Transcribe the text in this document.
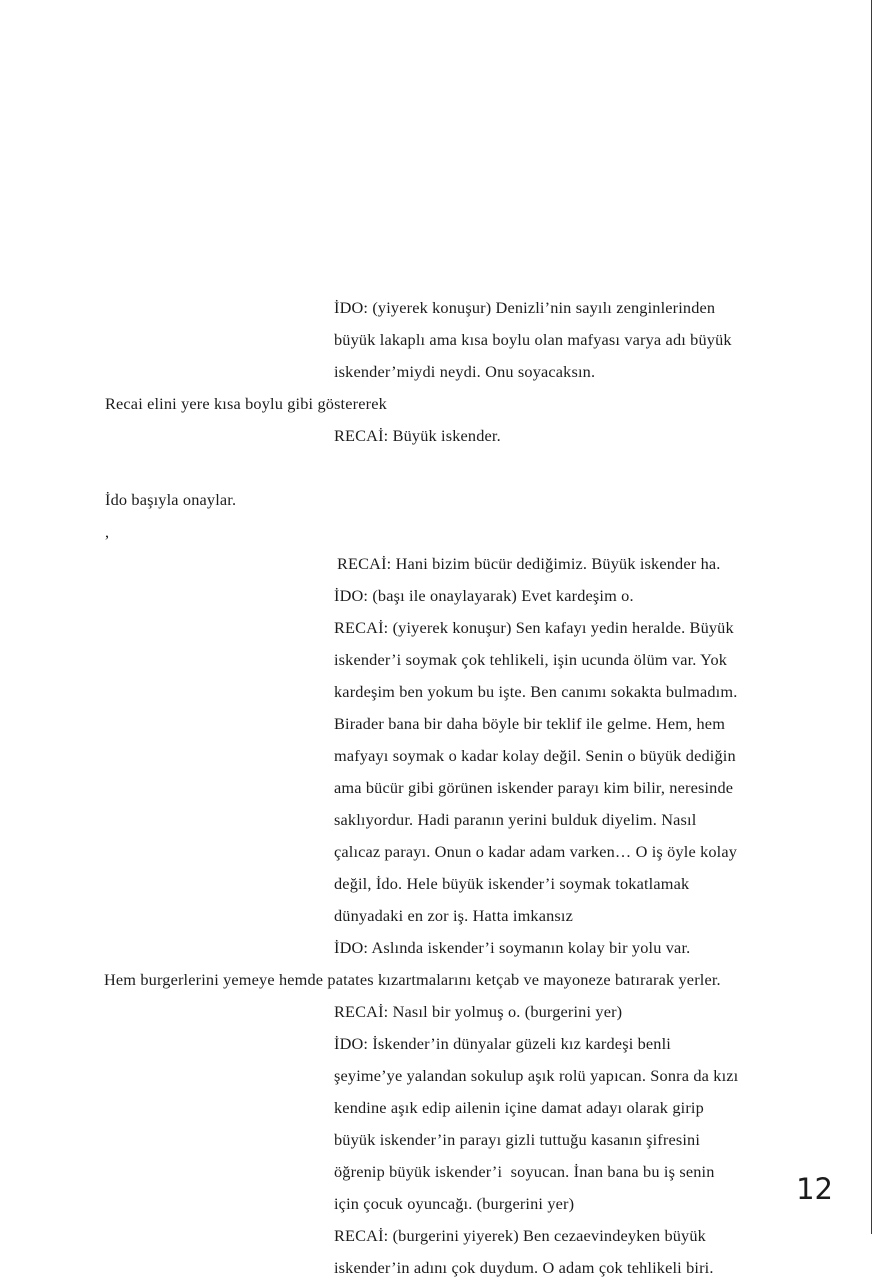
İDO: (yiyerek konuşur) Denizli’nin sayılı zenginlerinden
büyük lakaplı ama kısa boylu olan mafyası varya adı büyük
iskender’miydi neydi. Onu soyacaksın.
Recai elini yere kısa boylu gibi göstererek
RECAİ: Büyük iskender.
İdo başıyla onaylar.
,
RECAİ: Hani bizim bücür dediğimiz. Büyük iskender ha.
İDO: (başı ile onaylayarak) Evet kardeşim o.
RECAİ: (yiyerek konuşur) Sen kafayı yedin heralde. Büyük
iskender’i soymak çok tehlikeli, işin ucunda ölüm var. Yok
kardeşim ben yokum bu işte. Ben canımı sokakta bulmadım.
Birader bana bir daha böyle bir teklif ile gelme. Hem, hem
mafyayı soymak o kadar kolay değil. Senin o büyük dediğin
ama bücür gibi görünen iskender parayı kim bilir, neresinde
saklıyordur. Hadi paranın yerini bulduk diyelim. Nasıl
çalıcaz parayı. Onun o kadar adam varken… O iş öyle kolay
değil, İdo. Hele büyük iskender’i soymak tokatlamak
dünyadaki en zor iş. Hatta imkansız
İDO: Aslında iskender’i soymanın kolay bir yolu var.
Hem burgerlerini yemeye hemde patates kızartmalarını ketçab ve mayoneze batırarak yerler.
RECAİ: Nasıl bir yolmuş o. (burgerini yer)
İDO: İskender’in dünyalar güzeli kız kardeşi benli
şeyime’ye yalandan sokulup aşık rolü yapıcan. Sonra da kızı
kendine aşık edip ailenin içine damat adayı olarak girip
büyük iskender’in parayı gizli tuttuğu kasanın şifresini
öğrenip büyük iskender’i  soyucan. İnan bana bu iş senin
için çocuk oyuncağı. (burgerini yer)
RECAİ: (burgerini yiyerek) Ben cezaevindeyken büyük
iskender’in adını çok duydum. O adam çok tehlikeli biri.
12
